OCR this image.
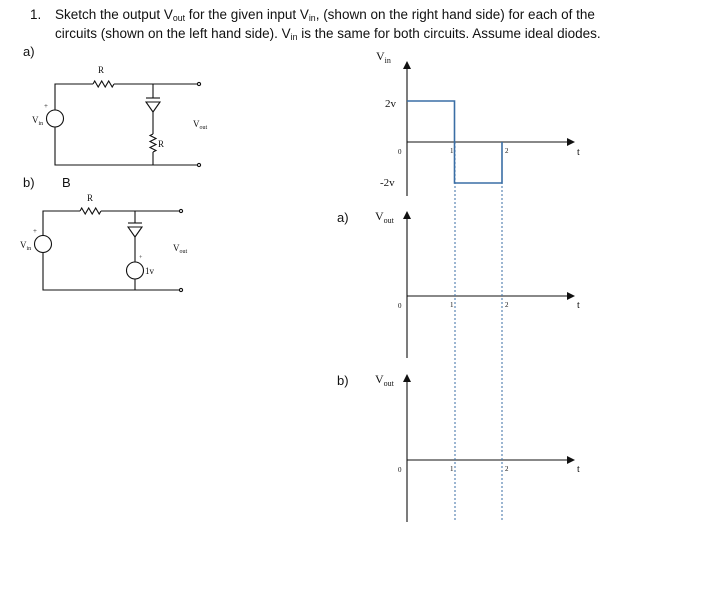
1. Sketch the output $V_{out}$ for the given input $V_{in}$, (shown on the right hand side) for each of the
circuits (shown on the left hand side). $V_{in}$ is the same for both circuits. Assume ideal diodes.
a)
b) B
a)
b)
R
R
$V_{in}$
+
$V_{out}$
R
$V_{in}$
+
+
1v
$V_{out}$
$V_{in}$
2v
-2v
0	1	2	t
$V_{out}$
0	1	2	t
$V_{out}$
0	1	2	t
